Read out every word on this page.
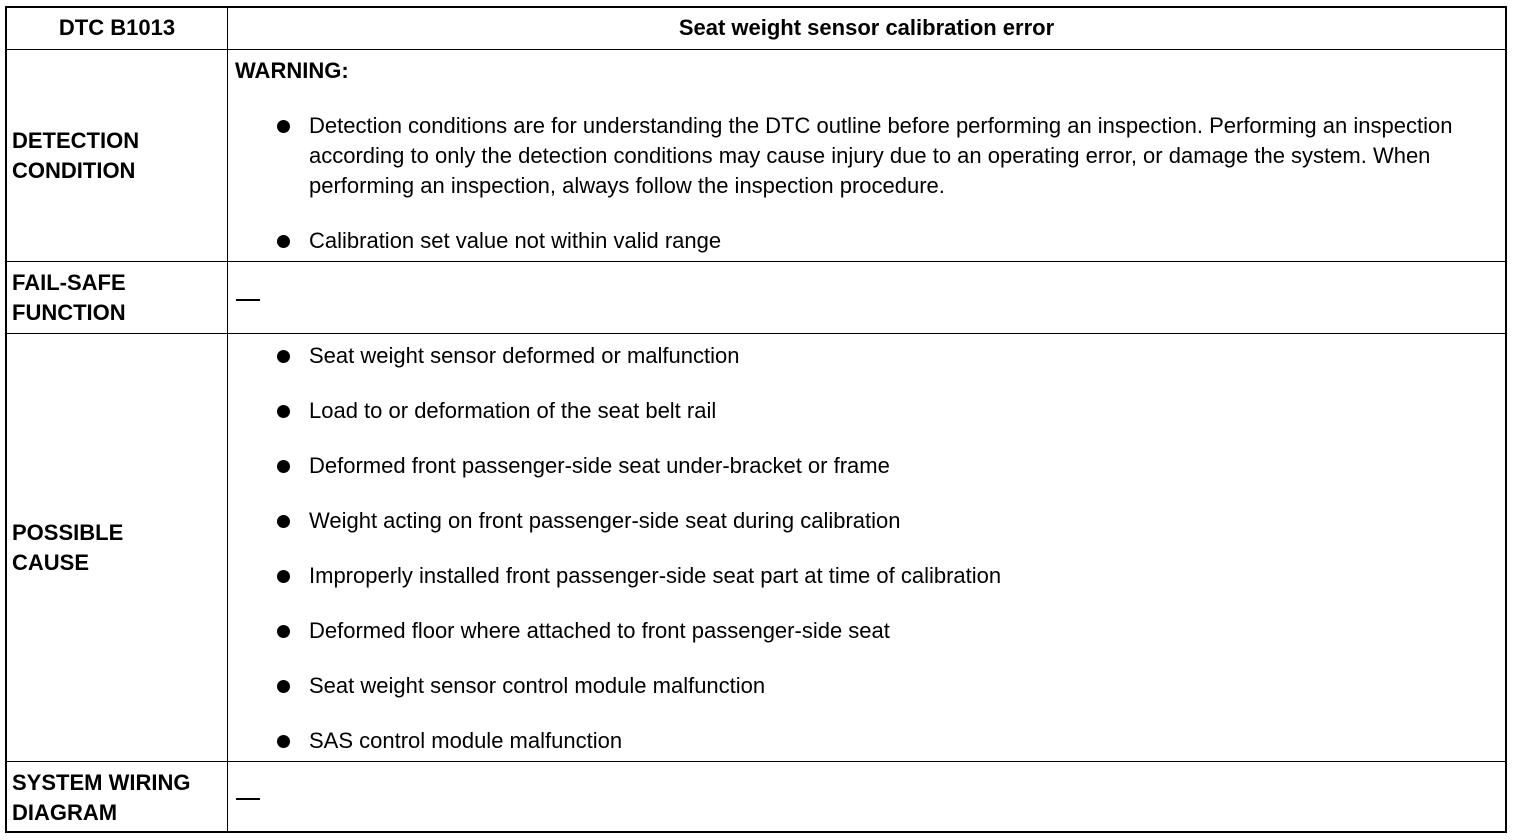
DTC B1013	Seat weight sensor calibration error
DETECTION
CONDITION
WARNING:
Detection conditions are for understanding the DTC outline before performing an inspection. Performing an inspection according to only the detection conditions may cause injury due to an operating error, or damage the system. When performing an inspection, always follow the inspection procedure.
Calibration set value not within valid range
FAIL-SAFE
FUNCTION
POSSIBLE
CAUSE
Seat weight sensor deformed or malfunction
Load to or deformation of the seat belt rail
Deformed front passenger-side seat under-bracket or frame
Weight acting on front passenger-side seat during calibration
Improperly installed front passenger-side seat part at time of calibration
Deformed floor where attached to front passenger-side seat
Seat weight sensor control module malfunction
SAS control module malfunction
SYSTEM WIRING
DIAGRAM
